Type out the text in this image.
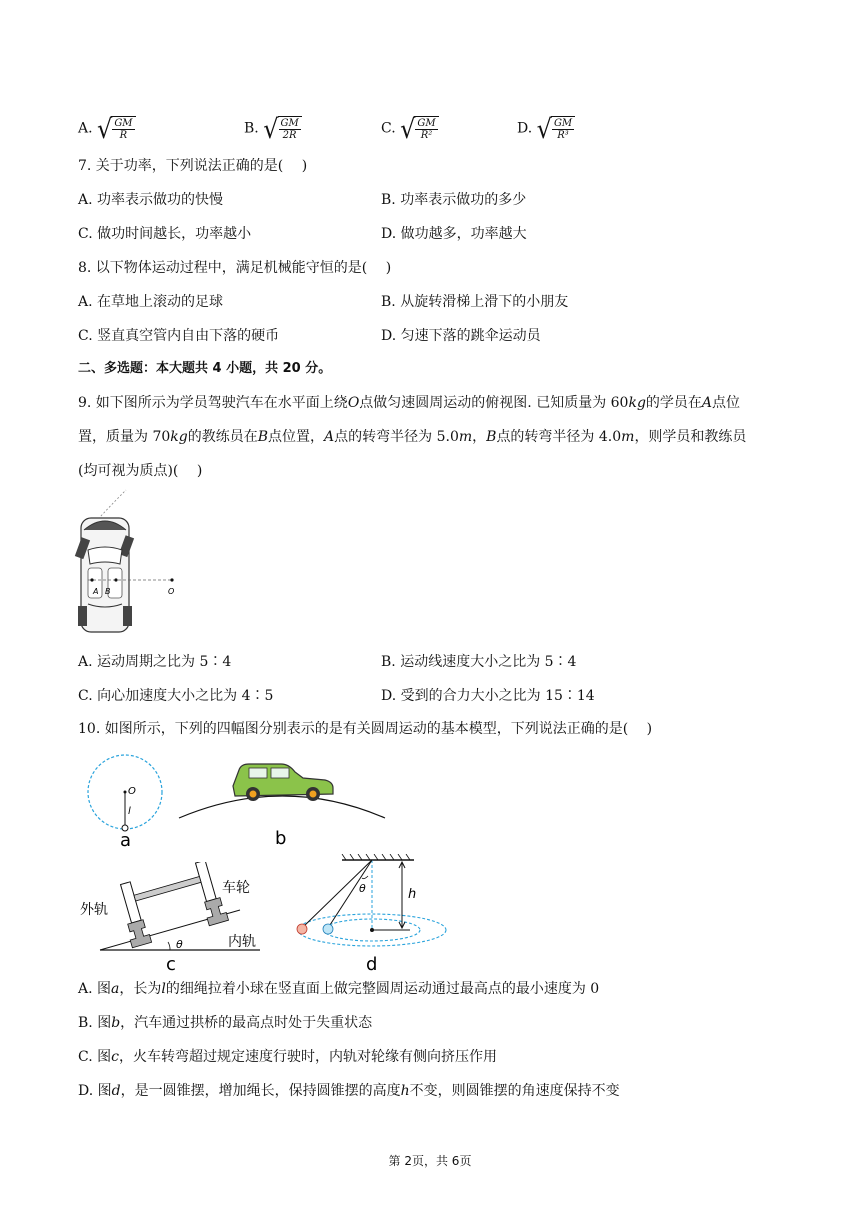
A. √ $\frac{GM}{R}$	B. √ $\frac{GM}{2R}$	C. √ $\frac{GM}{\text{R²}}$	D. √ $\frac{GM}{\text{R³}}$
7. 关于功率，下列说法正确的是(　 )
A. 功率表示做功的快慢	B. 功率表示做功的多少
C. 做功时间越长，功率越小	D. 做功越多，功率越大
8. 以下物体运动过程中，满足机械能守恒的是(　 )
A. 在草地上滚动的足球	B. 从旋转滑梯上滑下的小朋友
C. 竖直真空管内自由下落的硬币	D. 匀速下落的跳伞运动员
二、多选题：本大题共 4 小题，共 20 分。
9. 如下图所示为学员驾驶汽车在水平面上绕O点做匀速圆周运动的俯视图. 已知质量为 60kg的学员在A点位
置，质量为 70kg的教练员在B点位置，A点的转弯半径为 5.0m，B点的转弯半径为 4.0m，则学员和教练员
(均可视为质点)(　 )
A B	O
A. 运动周期之比为 5∶4	B. 运动线速度大小之比为 5∶4
C. 向心加速度大小之比为 4∶5	D. 受到的合力大小之比为 15∶14
10. 如图所示，下列的四幅图分别表示的是有关圆周运动的基本模型，下列说法正确的是(　 )
O
l
a	b
外轨
车轮
内轨
θ
c
θ	h
d
A. 图a，长为l的细绳拉着小球在竖直面上做完整圆周运动通过最高点的最小速度为 0
B. 图b，汽车通过拱桥的最高点时处于失重状态
C. 图c，火车转弯超过规定速度行驶时，内轨对轮缘有侧向挤压作用
D. 图d，是一圆锥摆，增加绳长，保持圆锥摆的高度h不变，则圆锥摆的角速度保持不变
第 2页，共 6页
